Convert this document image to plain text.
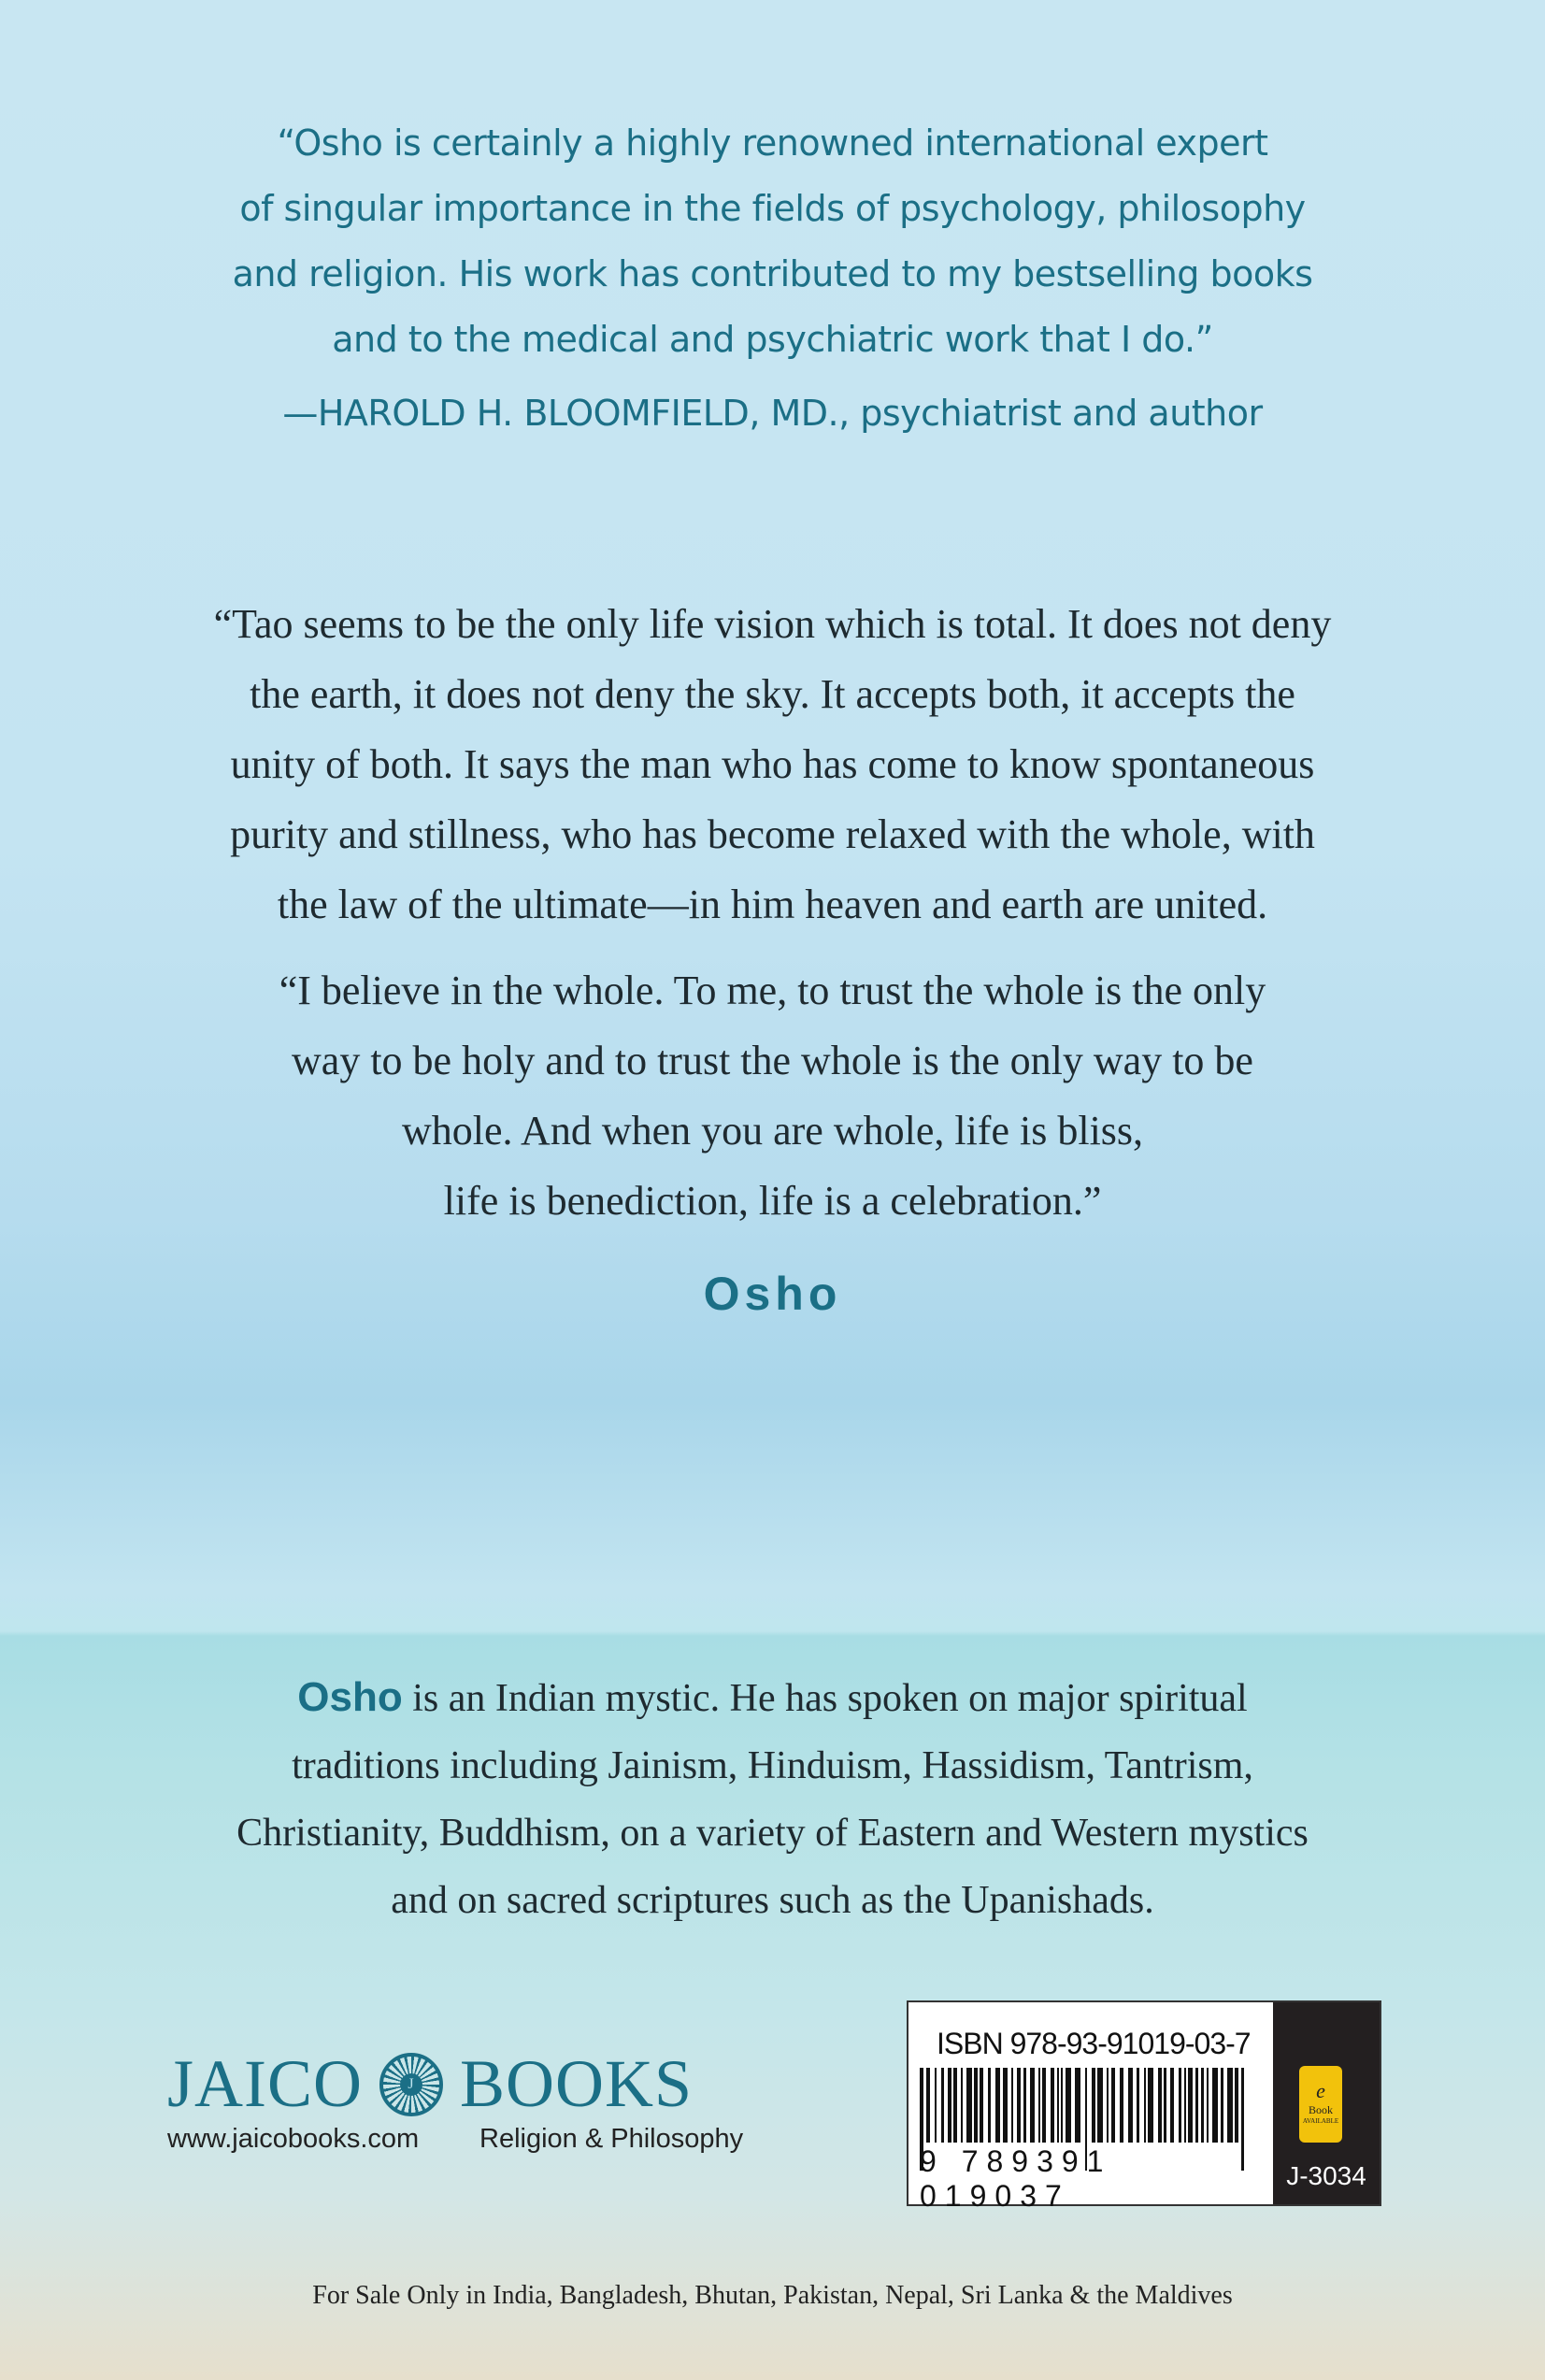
“Osho is certainly a highly renowned international expert
of singular importance in the fields of psychology, philosophy
and religion. His work has contributed to my bestselling books
and to the medical and psychiatric work that I do.”
—HAROLD H. BLOOMFIELD, MD., psychiatrist and author
“Tao seems to be the only life vision which is total. It does not deny
the earth, it does not deny the sky. It accepts both, it accepts the
unity of both. It says the man who has come to know spontaneous
purity and stillness, who has become relaxed with the whole, with
the law of the ultimate—in him heaven and earth are united.
“I believe in the whole. To me, to trust the whole is the only
way to be holy and to trust the whole is the only way to be
whole. And when you are whole, life is bliss,
life is benediction, life is a celebration.”
Osho
Osho is an Indian mystic. He has spoken on major spiritual
traditions including Jainism, Hinduism, Hassidism, Tantrism,
Christianity, Buddhism, on a variety of Eastern and Western mystics
and on sacred scriptures such as the Upanishads.
JAICO	J BOOKS
www.jaicobooks.com Religion & Philosophy
ISBN 978-93-91019-03-7
9 789391 019037
e
Book
AVAILABLE
J-3034
For Sale Only in India, Bangladesh, Bhutan, Pakistan, Nepal, Sri Lanka & the Maldives
